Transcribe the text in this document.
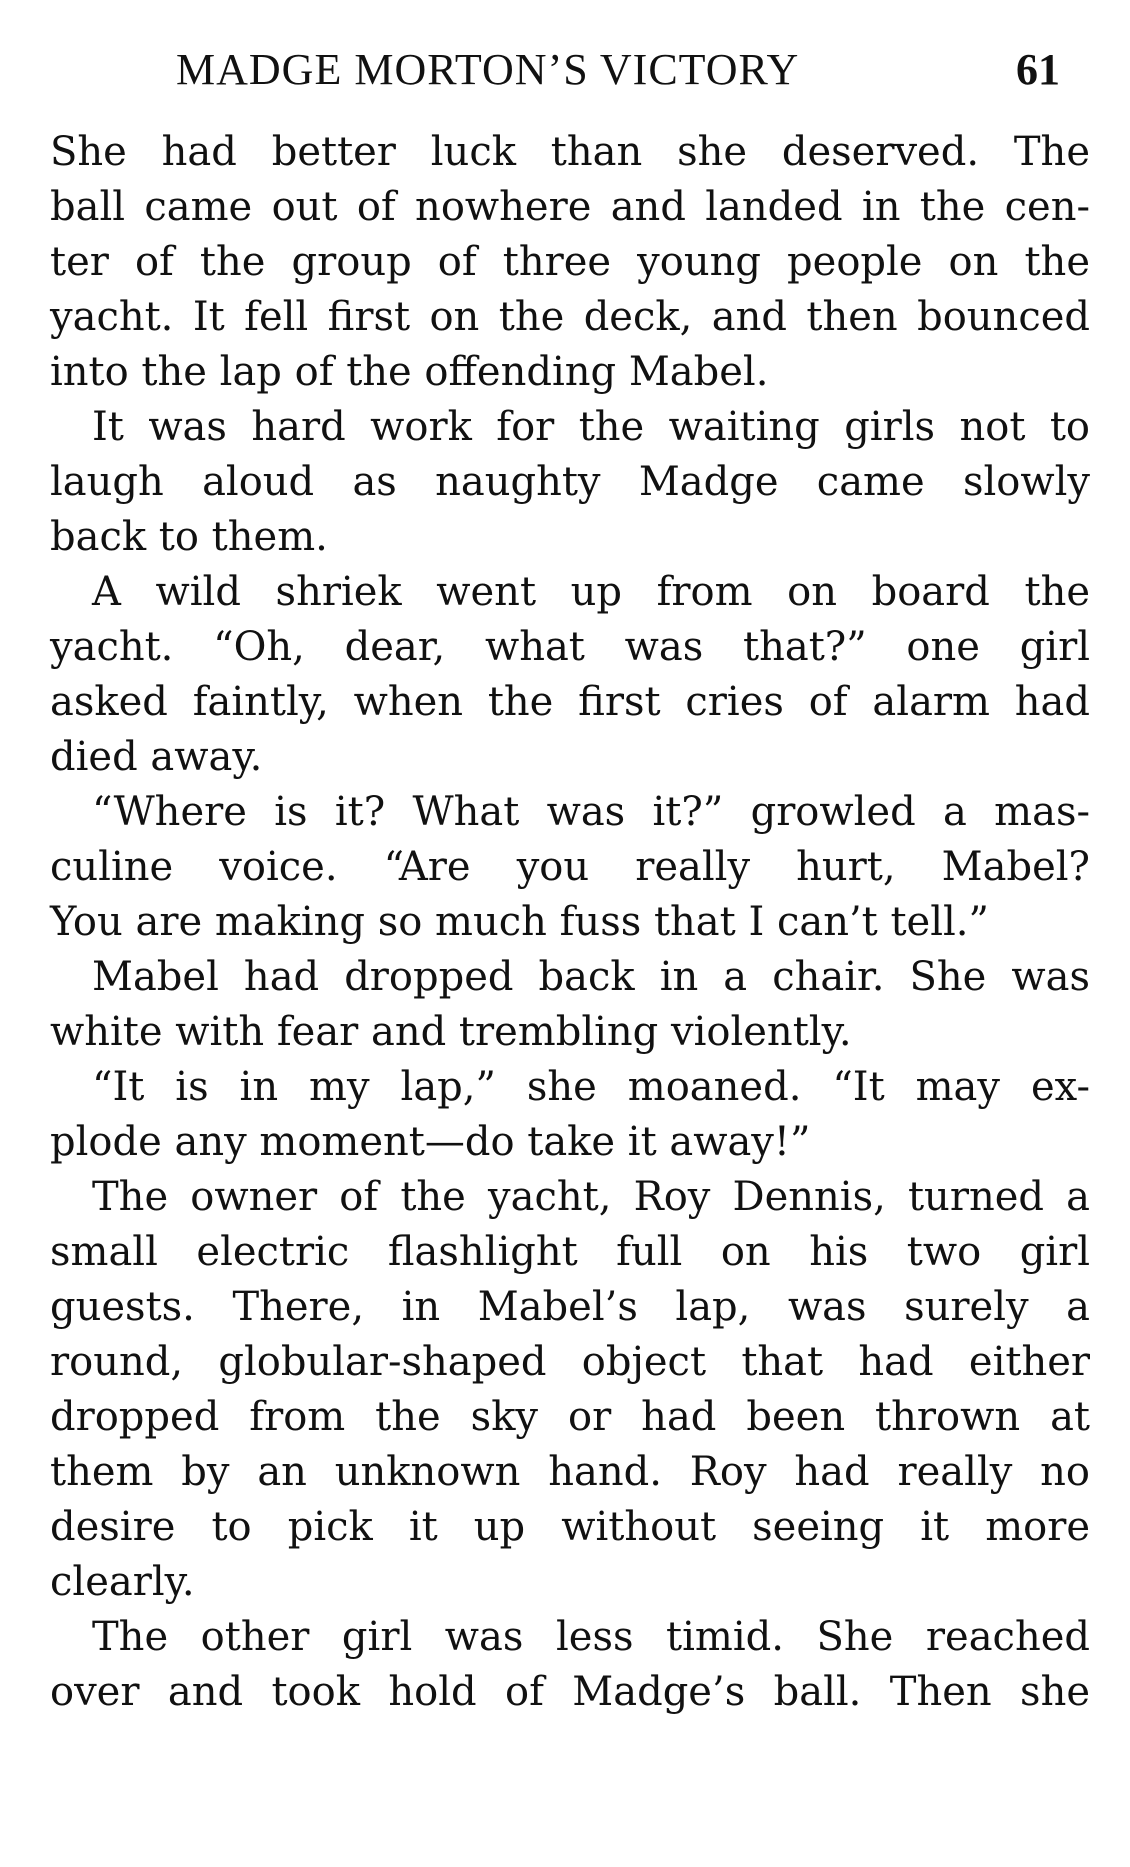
MADGE MORTON’S VICTORY	61
She had better luck than she deserved. The
ball came out of nowhere and landed in the cen-
ter of the group of three young people on the
yacht. It fell first on the deck, and then bounced
into the lap of the offending Mabel.
It was hard work for the waiting girls not to
laugh aloud as naughty Madge came slowly
back to them.
A wild shriek went up from on board the
yacht. “Oh, dear, what was that?” one girl
asked faintly, when the first cries of alarm had
died away.
“Where is it? What was it?” growled a mas-
culine voice. “Are you really hurt, Mabel?
You are making so much fuss that I can’t tell.”
Mabel had dropped back in a chair. She was
white with fear and trembling violently.
“It is in my lap,” she moaned. “It may ex-
plode any moment—do take it away!”
The owner of the yacht, Roy Dennis, turned a
small electric flashlight full on his two girl
guests. There, in Mabel’s lap, was surely a
round, globular-shaped object that had either
dropped from the sky or had been thrown at
them by an unknown hand. Roy had really no
desire to pick it up without seeing it more
clearly.
The other girl was less timid. She reached
over and took hold of Madge’s ball. Then she
